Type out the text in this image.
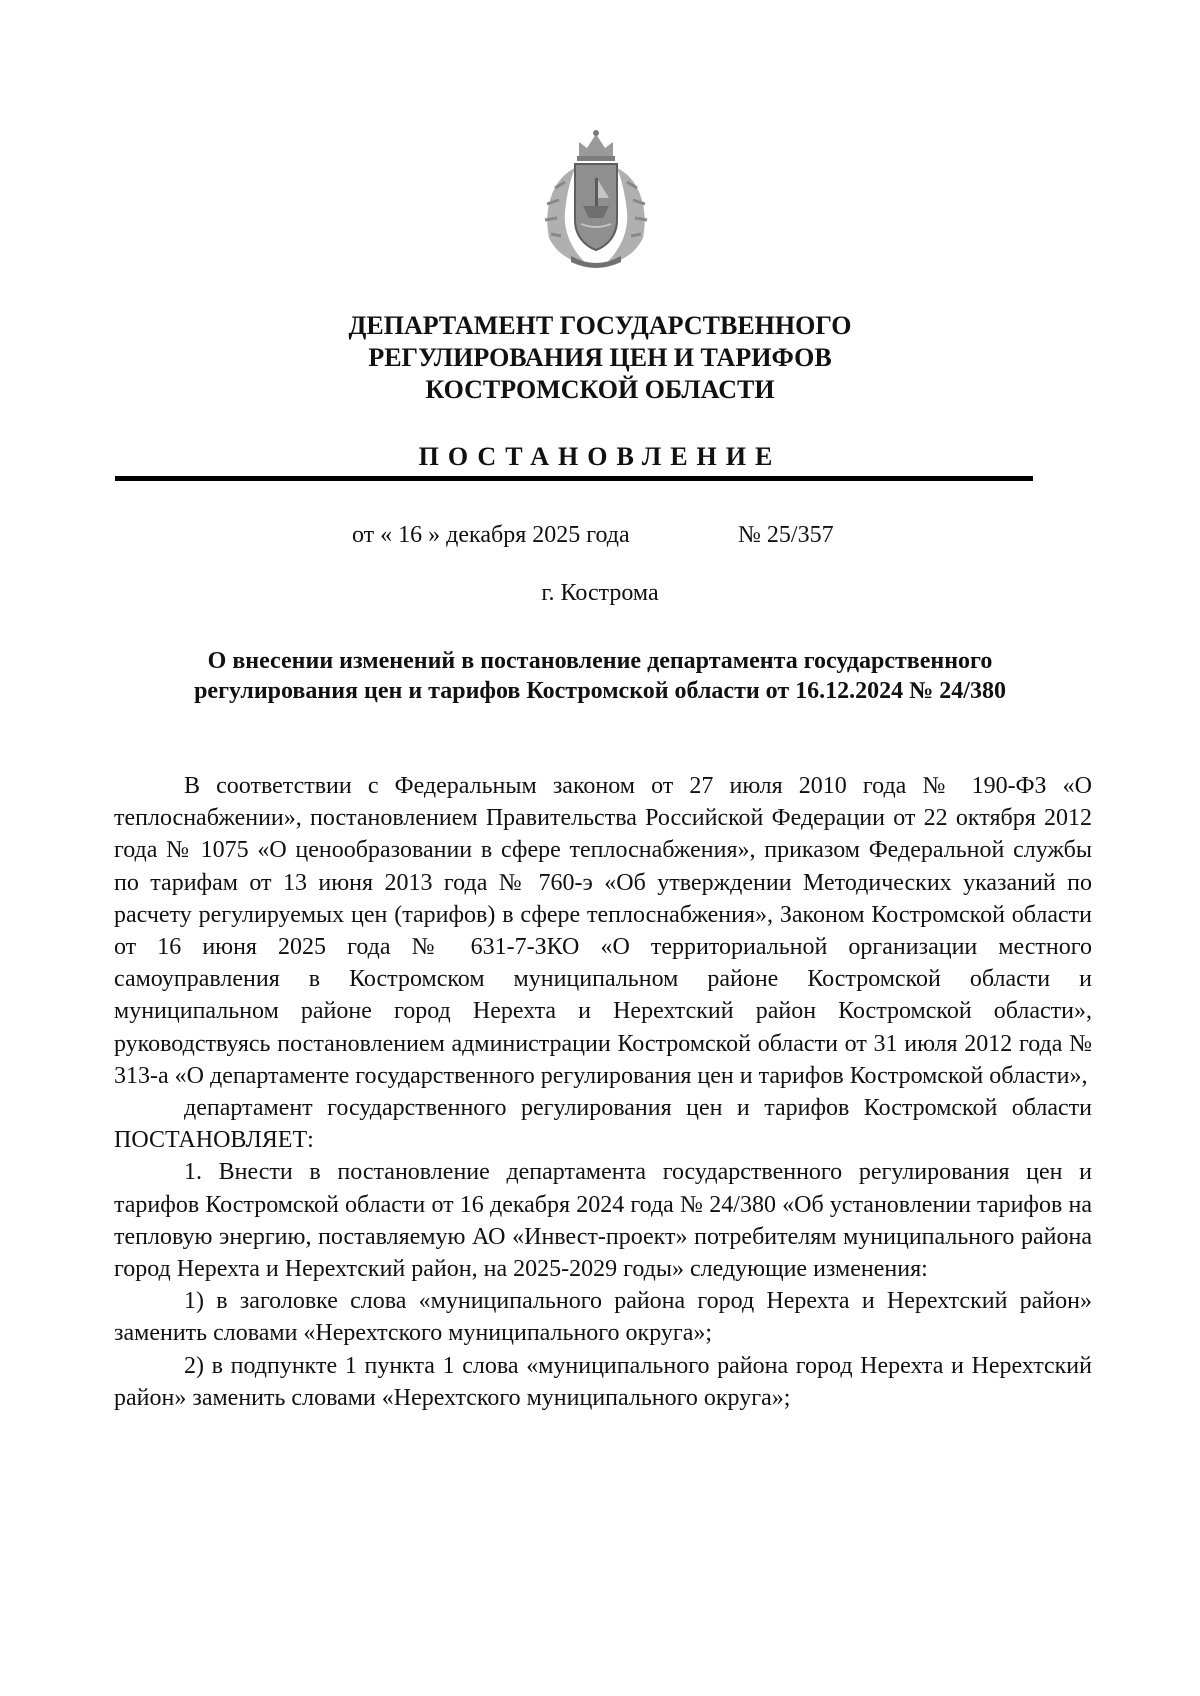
ДЕПАРТАМЕНТ ГОСУДАРСТВЕННОГО
РЕГУЛИРОВАНИЯ ЦЕН И ТАРИФОВ
КОСТРОМСКОЙ ОБЛАСТИ
ПОСТАНОВЛЕНИЕ
от « 16 » декабря 2025 года	№ 25/357
г. Кострома
О внесении изменений в постановление департамента государственного
регулирования цен и тарифов Костромской области от 16.12.2024 № 24/380

В соответствии с Федеральным законом от 27 июля 2010 года № 190-ФЗ «О теплоснабжении», постановлением Правительства Российской Федерации от 22 октября 2012 года № 1075 «О ценообразовании в сфере теплоснабжения», приказом Федеральной службы по тарифам от 13 июня 2013 года № 760-э «Об утверждении Методических указаний по расчету регулируемых цен (тарифов) в сфере теплоснабжения», Законом Костромской области от 16 июня 2025 года № 631-7-ЗКО «О территориальной организации местного самоуправления в Костромском муниципальном районе Костромской области и муниципальном районе город Нерехта и Нерехтский район Костромской области», руководствуясь постановлением администрации Костромской области от 31 июля 2012 года № 313-а «О департаменте государственного регулирования цен и тарифов Костромской области»,

департамент государственного регулирования цен и тарифов Костромской области ПОСТАНОВЛЯЕТ:

1. Внести в постановление департамента государственного регулирования цен и тарифов Костромской области от 16 декабря 2024 года № 24/380 «Об установлении тарифов на тепловую энергию, поставляемую АО «Инвест-проект» потребителям муниципального района город Нерехта и Нерехтский район, на 2025-2029 годы» следующие изменения:

1) в заголовке слова «муниципального района город Нерехта и Нерехтский район» заменить словами «Нерехтского муниципального округа»;

2) в подпункте 1 пункта 1 слова «муниципального района город Нерехта и Нерехтский район» заменить словами «Нерехтского муниципального округа»;
